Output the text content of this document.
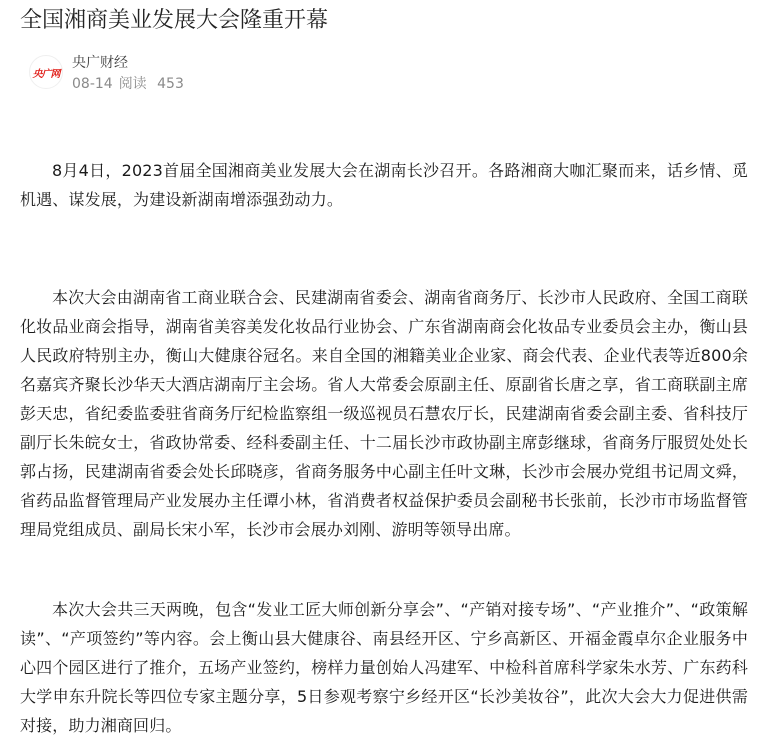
全国湘商美业发展大会隆重开幕
央广网
央广财经
08-14 阅读 453

8月4日，2023首届全国湘商美业发展大会在湖南长沙召开。各路湘商大咖汇聚而来，话乡情、觅机遇、谋发展，为建设新湖南增添强劲动力。

本次大会由湖南省工商业联合会、民建湖南省委会、湖南省商务厅、长沙市人民政府、全国工商联化妆品业商会指导，湖南省美容美发化妆品行业协会、广东省湖南商会化妆品专业委员会主办，衡山县人民政府特别主办，衡山大健康谷冠名。来自全国的湘籍美业企业家、商会代表、企业代表等近800余名嘉宾齐聚长沙华天大酒店湖南厅主会场。省人大常委会原副主任、原副省长唐之享，省工商联副主席彭天忠，省纪委监委驻省商务厅纪检监察组一级巡视员石慧农厅长，民建湖南省委会副主委、省科技厅副厅长朱皖女士，省政协常委、经科委副主任、十二届长沙市政协副主席彭继球，省商务厅服贸处处长郭占扬，民建湖南省委会处长邱晓彦，省商务服务中心副主任叶文琳，长沙市会展办党组书记周文舜，省药品监督管理局产业发展办主任谭小林，省消费者权益保护委员会副秘书长张前，长沙市市场监督管理局党组成员、副局长宋小军，长沙市会展办刘刚、游明等领导出席。

本次大会共三天两晚，包含“发业工匠大师创新分享会”、“产销对接专场”、“产业推介”、“政策解读”、“产项签约”等内容。会上衡山县大健康谷、南县经开区、宁乡高新区、开福金霞卓尔企业服务中心四个园区进行了推介，五场产业签约，榜样力量创始人冯建军、中检科首席科学家朱水芳、广东药科大学申东升院长等四位专家主题分享，5日参观考察宁乡经开区“长沙美妆谷”，此次大会大力促进供需对接，助力湘商回归。
